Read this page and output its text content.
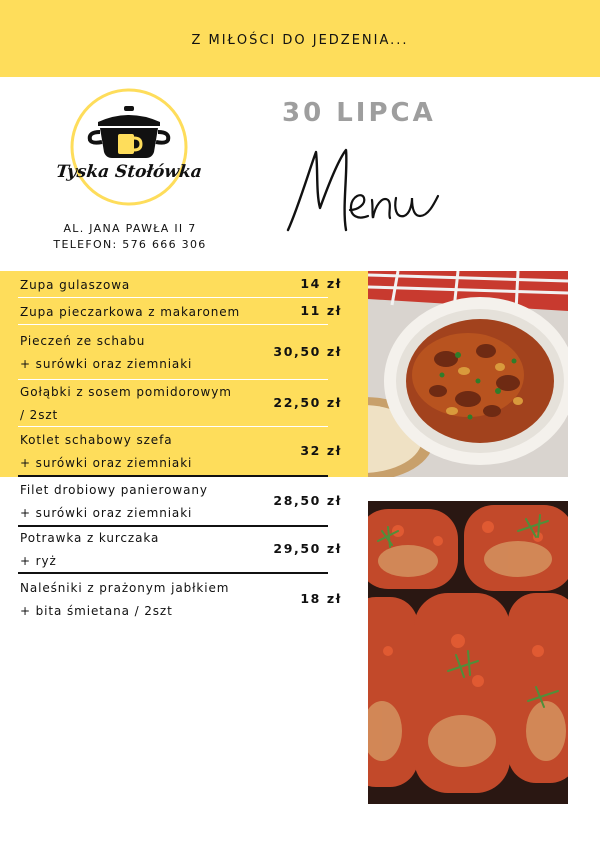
Z MIŁOŚCI DO JEDZENIA...
Tyska Stołówka
AL. JANA PAWŁA II 7
TELEFON: 576 666 306
30 LIPCA
Zupa gulaszowa	14 zł
Zupa pieczarkowa z makaronem	11 zł
Pieczeń ze schabu
+ surówki oraz ziemniaki
30,50 zł
Gołąbki z sosem pomidorowym
/ 2szt
22,50 zł
Kotlet schabowy szefa
+ surówki oraz ziemniaki
32 zł
Filet drobiowy panierowany
+ surówki oraz ziemniaki
28,50 zł
Potrawka z kurczaka
+ ryż
29,50 zł
Naleśniki z prażonym jabłkiem
+ bita śmietana / 2szt
18 zł
